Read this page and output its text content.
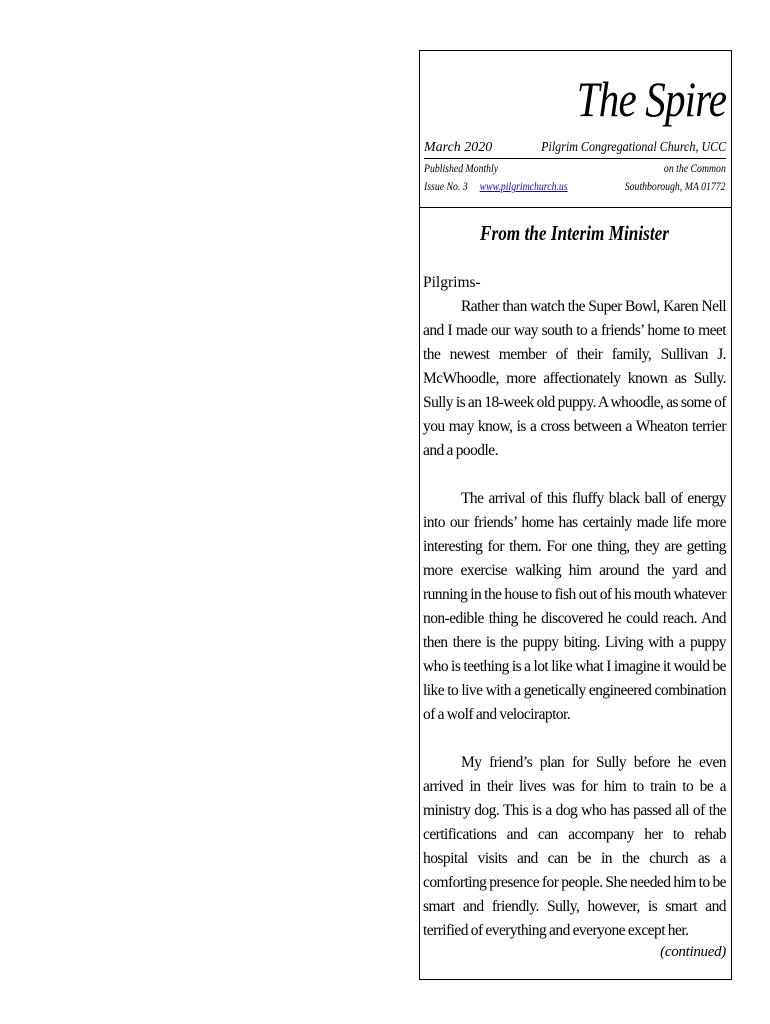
The Spire
March 2020	Pilgrim Congregational Church, UCC
Published Monthly	on the Common
Issue No. 3 www.pilgrimchurch.us	Southborough, MA 01772
From the Interim Minister
Pilgrims-

Rather than watch the Super Bowl, Karen Nell and I made our way south to a friends’ home to meet the newest member of their family, Sullivan J. McWhoodle, more affectionately known as Sully. Sully is an 18-week old puppy. A whoodle, as some of you may know, is a cross between a Wheaton terrier and a poodle.

The arrival of this fluffy black ball of energy into our friends’ home has certainly made life more interesting for them. For one thing, they are getting more exercise walking him around the yard and running in the house to fish out of his mouth whatever non-edible thing he discovered he could reach. And then there is the puppy biting. Living with a puppy who is teething is a lot like what I imagine it would be like to live with a genetically engineered combination of a wolf and velociraptor.

My friend’s plan for Sully before he even arrived in their lives was for him to train to be a ministry dog. This is a dog who has passed all of the certifications and can accompany her to rehab hospital visits and can be in the church as a comforting presence for people. She needed him to be smart and friendly. Sully, however, is smart and terrified of everything and everyone except her.

(continued)
